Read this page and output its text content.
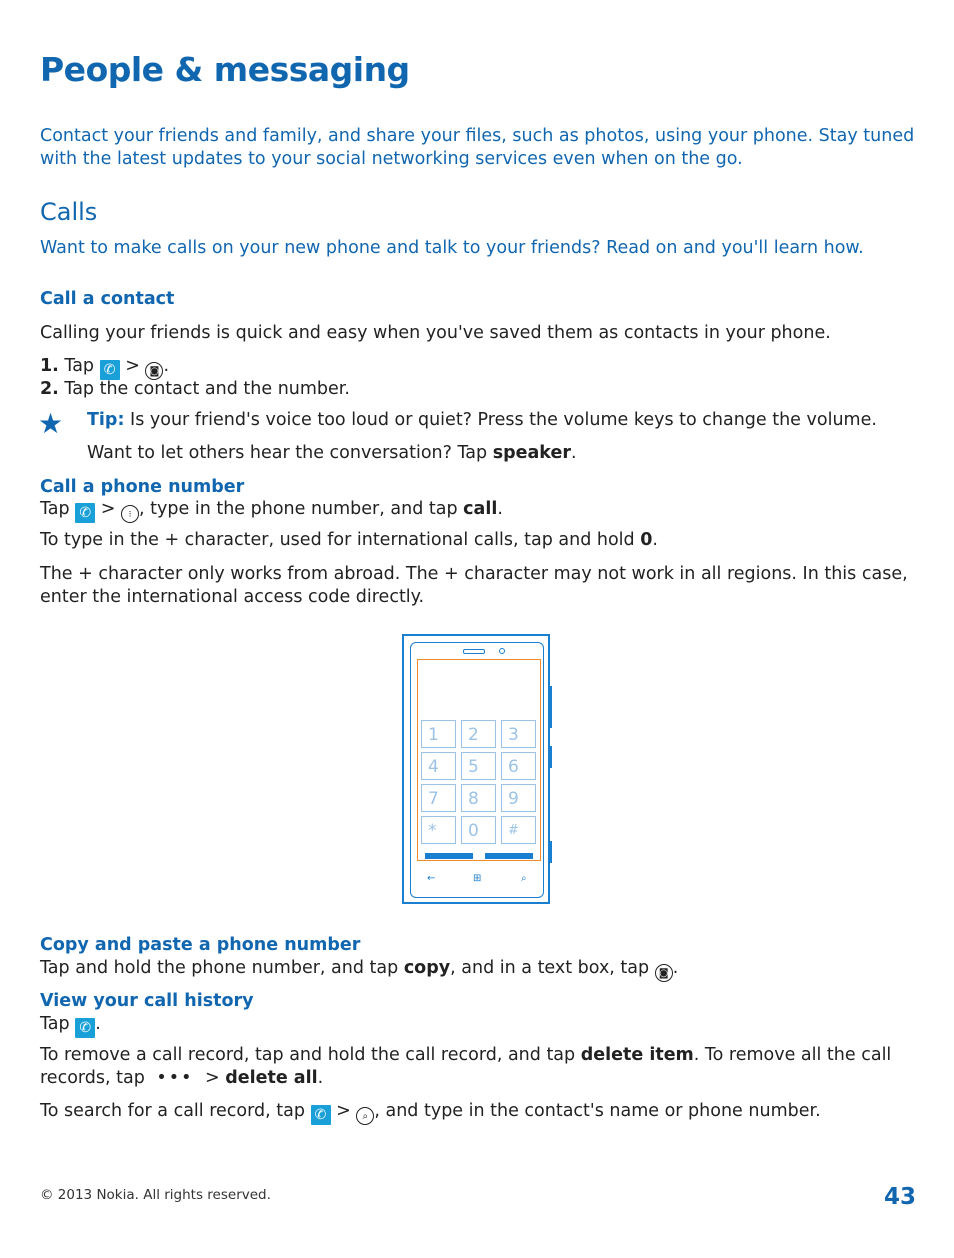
People & messaging
Contact your friends and family, and share your files, such as photos, using your phone. Stay tuned with the latest updates to your social networking services even when on the go.
Calls
Want to make calls on your new phone and talk to your friends? Read on and you'll learn how.
Call a contact
Calling your friends is quick and easy when you've saved them as contacts in your phone.
1. Tap ✆ > ◙ .
2. Tap the contact and the number.
★ Tip: Is your friend's voice too loud or quiet? Press the volume keys to change the volume.
Want to let others hear the conversation? Tap speaker.
Call a phone number
Tap ✆ > ⁝ , type in the phone number, and tap call.
To type in the + character, used for international calls, tap and hold 0.
The + character only works from abroad. The + character may not work in all regions. In this case, enter the international access code directly.
1	2	3
4	5	6
7	8	9
*	0	#
←	⊞	⌕
Copy and paste a phone number
Tap and hold the phone number, and tap copy, and in a text box, tap ◙ .
View your call history
Tap ✆ .
To remove a call record, tap and hold the call record, and tap delete item. To remove all the call records, tap ••• > delete all.
To search for a call record, tap ✆ > ⌕ , and type in the contact's name or phone number.
© 2013 Nokia. All rights reserved.	43
